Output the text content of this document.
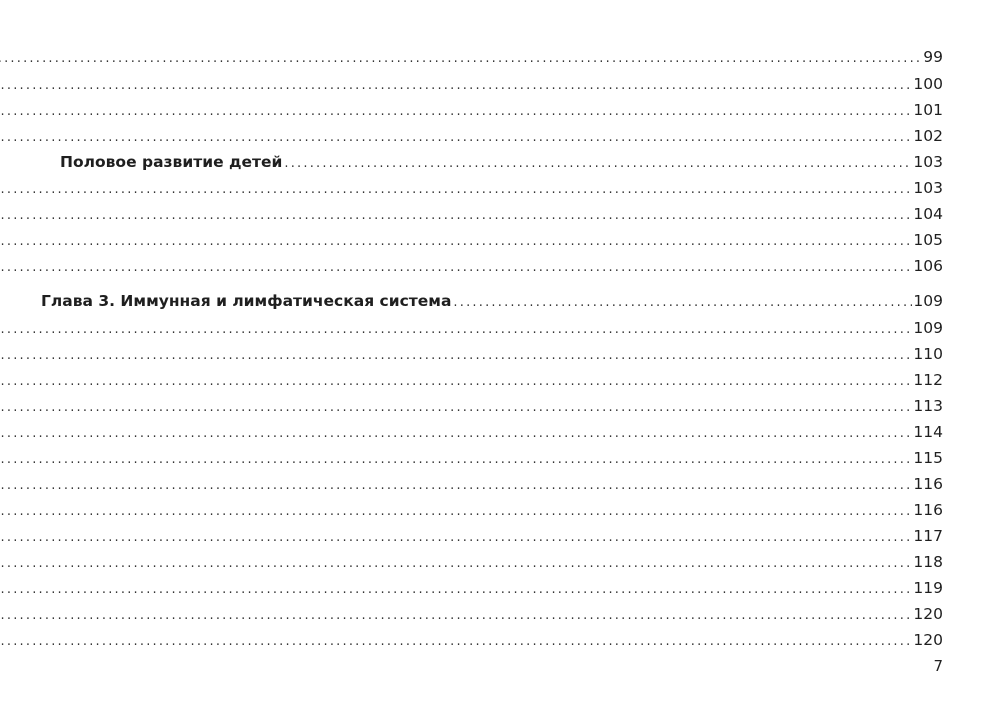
.....
99
.....
100
.....
101
.....
102
Половое развитие детей .....	103
.....
103
.....
104
.....
105
.....
106
Глава 3. Иммунная и лимфатическая система .....	109
.....
109
.....
110
.....
112
.....
113
.....
114
.....
115
.....
116
.....
116
.....
117
.....
118
.....
119
.....
120
.....
120
7
